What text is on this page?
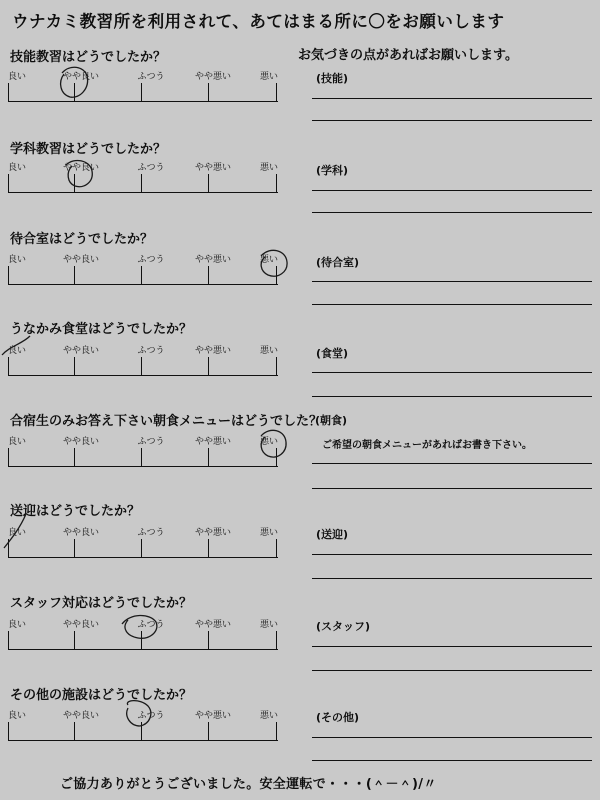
ウナカミ教習所を利用されて、あてはまる所に〇をお願いします
お気づきの点があればお願いします。
技能教習はどうでしたか？
良い	やや良い	ふつう	やや悪い	悪い	(技能)
学科教習はどうでしたか？
良い	やや良い	ふつう	やや悪い	悪い	(学科)
待合室はどうでしたか？
良い	やや良い	ふつう	やや悪い	悪い	(待合室)
うなかみ食堂はどうでしたか？
良い	やや良い	ふつう	やや悪い	悪い	(食堂)
合宿生のみお答え下さい朝食メニューはどうでした？
(朝食)
良い	やや良い	ふつう	やや悪い	悪い	ご希望の朝食メニューがあればお書き下さい。
送迎はどうでしたか？
良い	やや良い	ふつう	やや悪い	悪い	(送迎)
スタッフ対応はどうでしたか？
良い	やや良い	ふつう	やや悪い	悪い	(スタッフ)
その他の施設はどうでしたか？
良い	やや良い	ふつう	やや悪い	悪い	(その他)
ご協力ありがとうございました。安全運転で・・・(＾－＾)/〃
